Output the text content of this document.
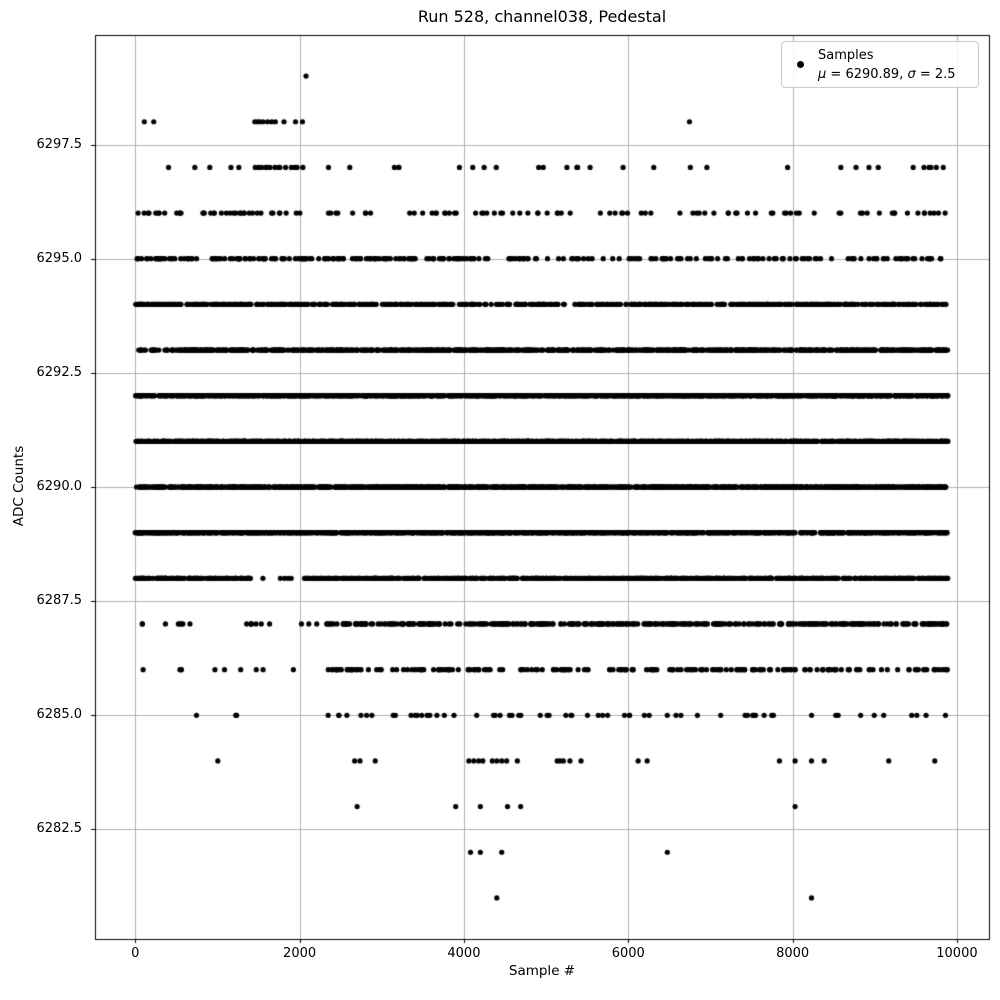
Run 528, channel038, Pedestal
ADC Counts
Sample #
6282.5
6285.0
6287.5
6290.0
6292.5
6295.0
6297.5
0	2000	4000	6000	8000	10000
Samples
μ = 6290.89, σ = 2.5
